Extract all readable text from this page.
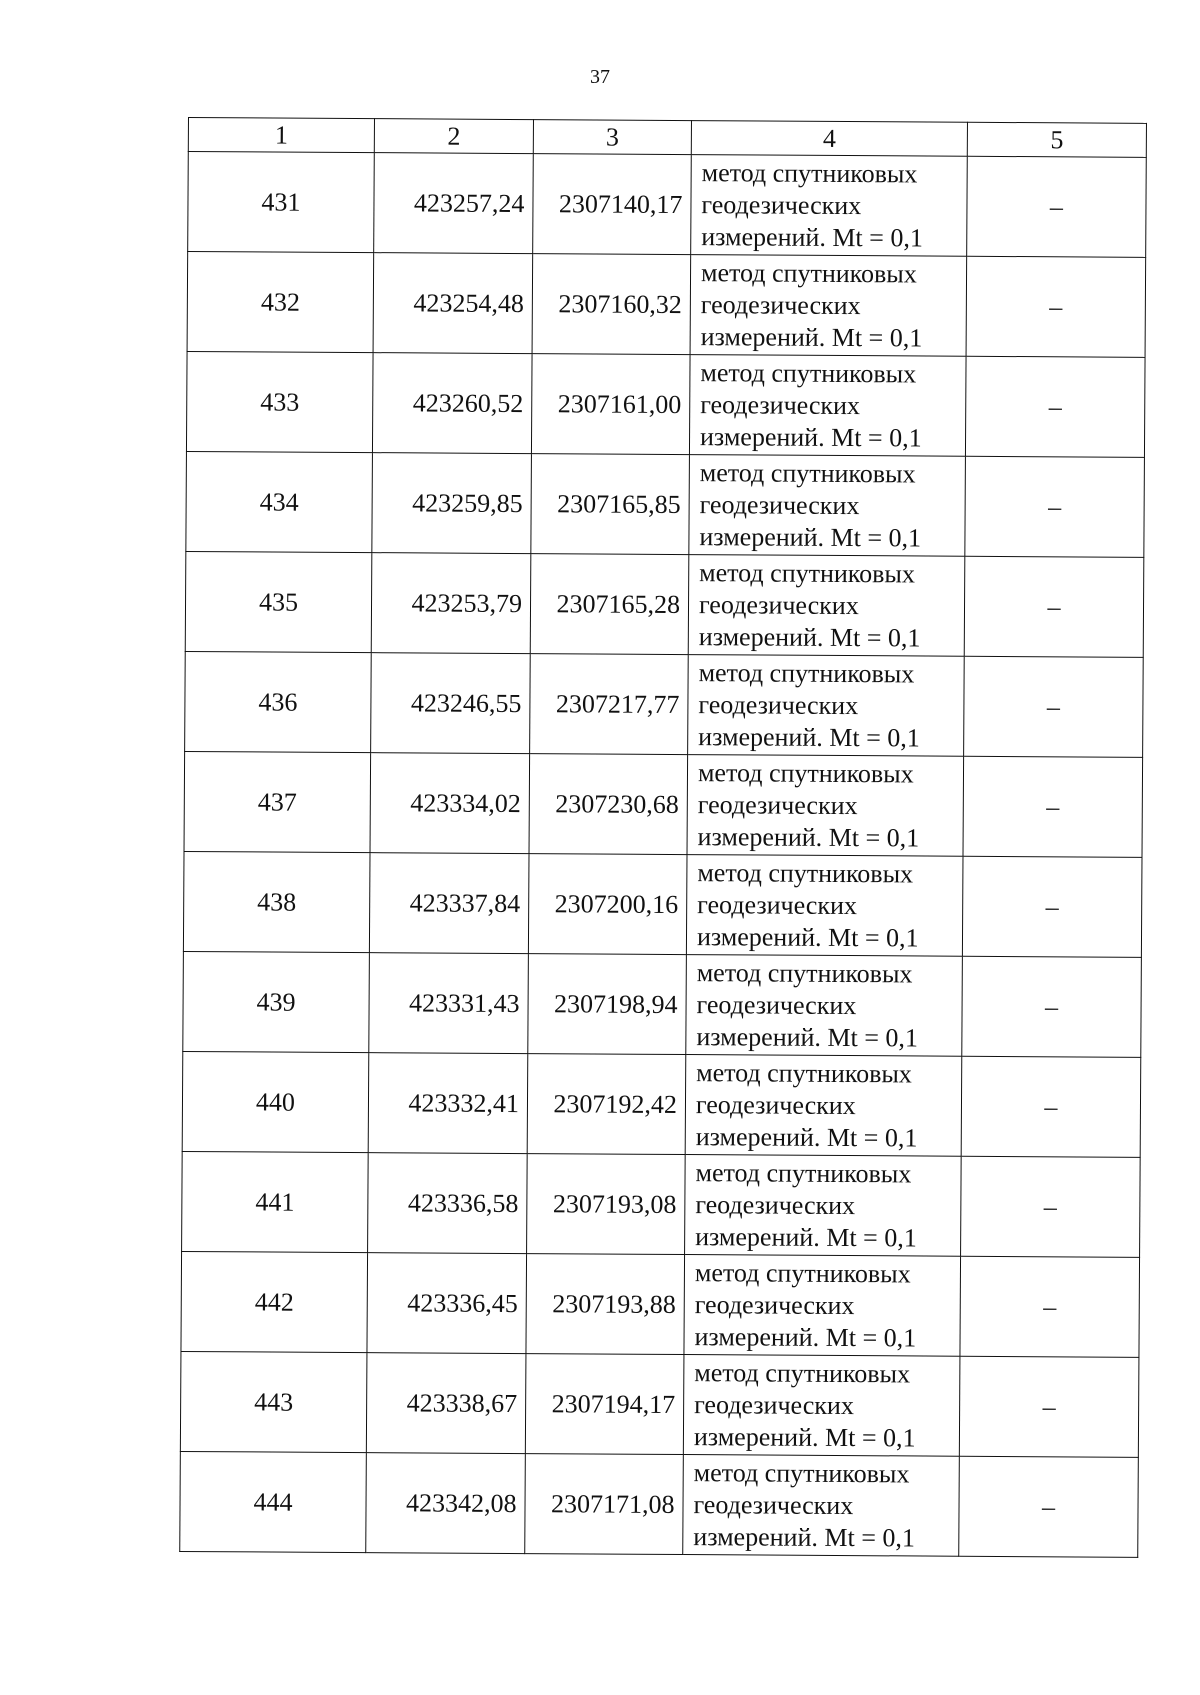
37
1	2	3	4	5
431	423257,24	2307140,17	метод спутниковых
геодезических
измерений. Mt = 0,1	–
432	423254,48	2307160,32	метод спутниковых
геодезических
измерений. Mt = 0,1	–
433	423260,52	2307161,00	метод спутниковых
геодезических
измерений. Mt = 0,1	–
434	423259,85	2307165,85	метод спутниковых
геодезических
измерений. Mt = 0,1	–
435	423253,79	2307165,28	метод спутниковых
геодезических
измерений. Mt = 0,1	–
436	423246,55	2307217,77	метод спутниковых
геодезических
измерений. Mt = 0,1	–
437	423334,02	2307230,68	метод спутниковых
геодезических
измерений. Mt = 0,1	–
438	423337,84	2307200,16	метод спутниковых
геодезических
измерений. Mt = 0,1	–
439	423331,43	2307198,94	метод спутниковых
геодезических
измерений. Mt = 0,1	–
440	423332,41	2307192,42	метод спутниковых
геодезических
измерений. Mt = 0,1	–
441	423336,58	2307193,08	метод спутниковых
геодезических
измерений. Mt = 0,1	–
442	423336,45	2307193,88	метод спутниковых
геодезических
измерений. Mt = 0,1	–
443	423338,67	2307194,17	метод спутниковых
геодезических
измерений. Mt = 0,1	–
444	423342,08	2307171,08	метод спутниковых
геодезических
измерений. Mt = 0,1	–
